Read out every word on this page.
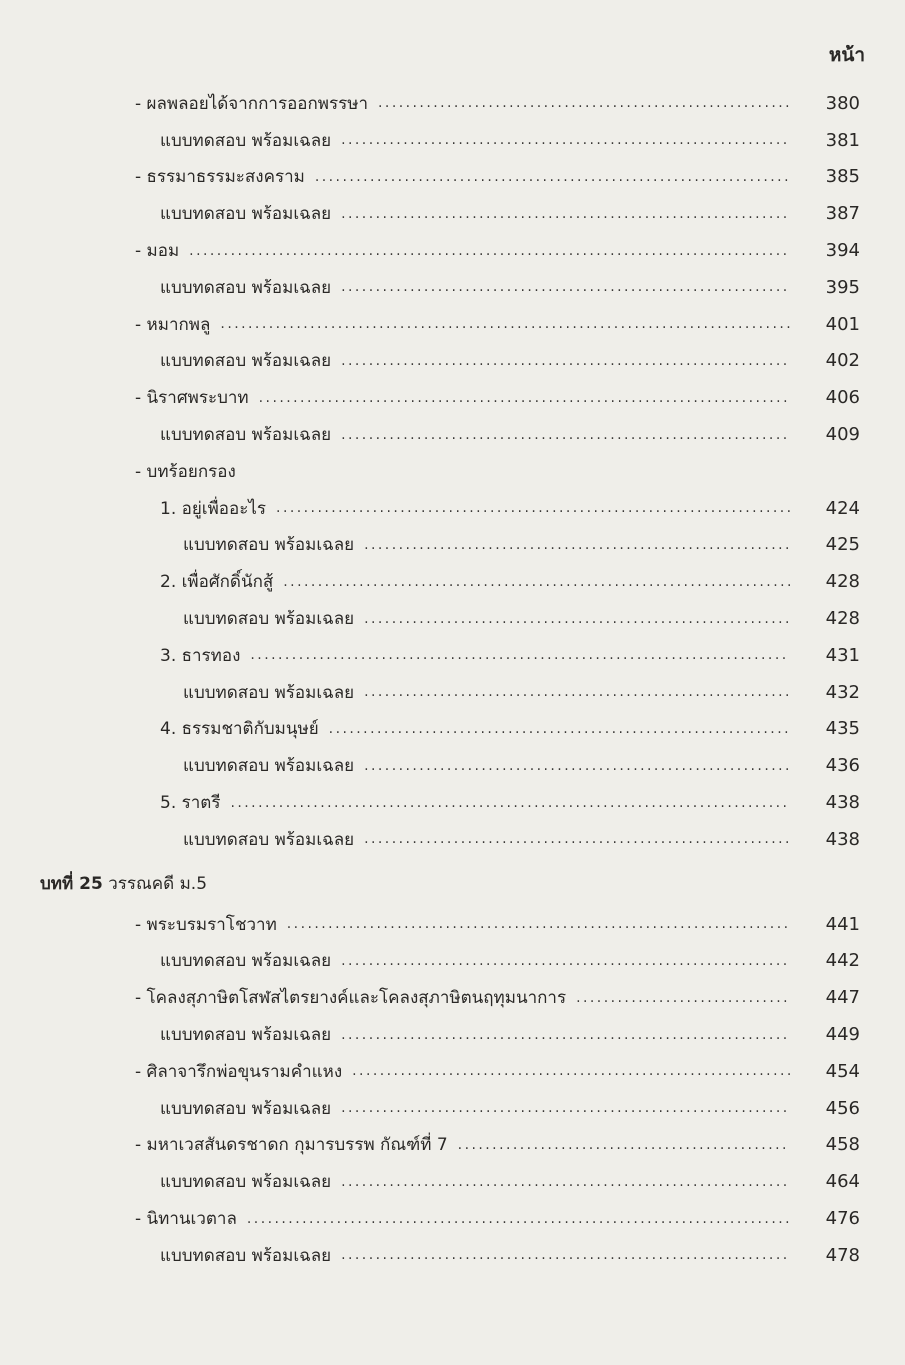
หน้า
- ผลพลอยได้จากการออกพรรษา . . .	380
แบบทดสอบ พร้อมเฉลย . . .	381
- ธรรมาธรรมะสงคราม . . .	385
แบบทดสอบ พร้อมเฉลย . . .	387
- มอม . . .	394
แบบทดสอบ พร้อมเฉลย . . .	395
- หมากพลู . . .	401
แบบทดสอบ พร้อมเฉลย . . .	402
- นิราศพระบาท . . .	406
แบบทดสอบ พร้อมเฉลย . . .	409
- บทร้อยกรอง
1. อยู่เพื่ออะไร . . .	424
แบบทดสอบ พร้อมเฉลย . . .	425
2. เพื่อศักดิ์นักสู้ . . .	428
แบบทดสอบ พร้อมเฉลย . . .	428
3. ธารทอง . . .	431
แบบทดสอบ พร้อมเฉลย . . .	432
4. ธรรมชาติกับมนุษย์ . . .	435
แบบทดสอบ พร้อมเฉลย . . .	436
5. ราตรี . . .	438
แบบทดสอบ พร้อมเฉลย . . .	438
บทที่ 25 วรรณคดี ม.5
- พระบรมราโชวาท . . .	441
แบบทดสอบ พร้อมเฉลย . . .	442
- โคลงสุภาษิตโสฬสไตรยางค์และโคลงสุภาษิตนฤทุมนาการ . . .	447
แบบทดสอบ พร้อมเฉลย . . .	449
- ศิลาจารึกพ่อขุนรามคำแหง . . .	454
แบบทดสอบ พร้อมเฉลย . . .	456
- มหาเวสสันดรชาดก กุมารบรรพ กัณฑ์ที่ 7 . . .	458
แบบทดสอบ พร้อมเฉลย . . .	464
- นิทานเวตาล . . .	476
แบบทดสอบ พร้อมเฉลย . . .	478
